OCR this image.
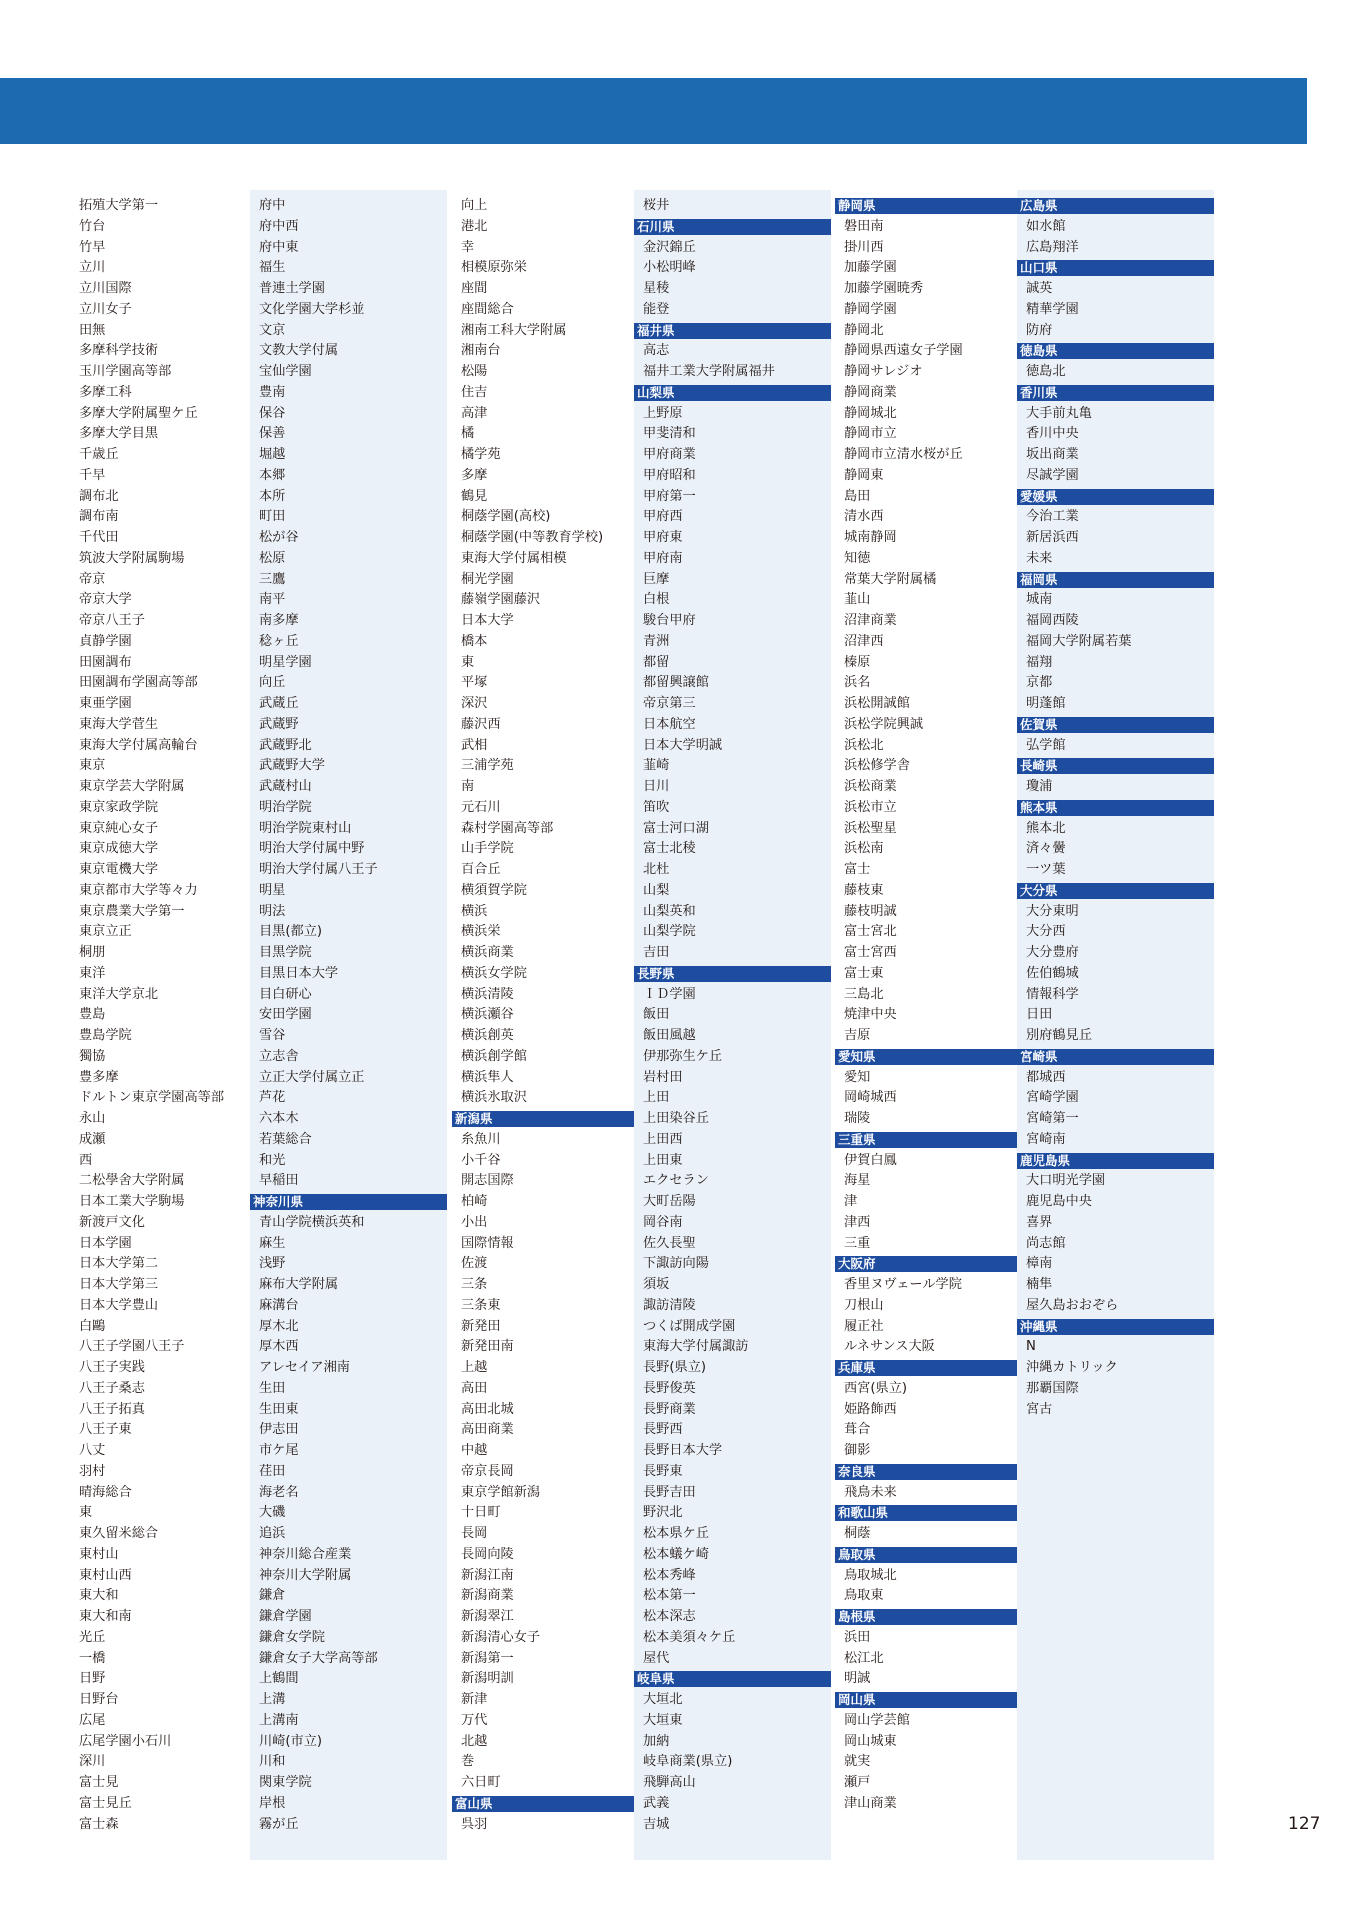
拓殖大学第一
竹台
竹早
立川
立川国際
立川女子
田無
多摩科学技術
玉川学園高等部
多摩工科
多摩大学附属聖ケ丘
多摩大学目黒
千歳丘
千早
調布北
調布南
千代田
筑波大学附属駒場
帝京
帝京大学
帝京八王子
貞静学園
田園調布
田園調布学園高等部
東亜学園
東海大学菅生
東海大学付属高輪台
東京
東京学芸大学附属
東京家政学院
東京純心女子
東京成徳大学
東京電機大学
東京都市大学等々力
東京農業大学第一
東京立正
桐朋
東洋
東洋大学京北
豊島
豊島学院
獨協
豊多摩
ドルトン東京学園高等部
永山
成瀬
西
二松學舍大学附属
日本工業大学駒場
新渡戸文化
日本学園
日本大学第二
日本大学第三
日本大学豊山
白鷗
八王子学園八王子
八王子実践
八王子桑志
八王子拓真
八王子東
八丈
羽村
晴海総合
東
東久留米総合
東村山
東村山西
東大和
東大和南
光丘
一橋
日野
日野台
広尾
広尾学園小石川
深川
富士見
富士見丘
富士森
府中
府中西
府中東
福生
普連土学園
文化学園大学杉並
文京
文教大学付属
宝仙学園
豊南
保谷
保善
堀越
本郷
本所
町田
松が谷
松原
三鷹
南平
南多摩
稔ヶ丘
明星学園
向丘
武蔵丘
武蔵野
武蔵野北
武蔵野大学
武蔵村山
明治学院
明治学院東村山
明治大学付属中野
明治大学付属八王子
明星
明法
目黒(都立)
目黒学院
目黒日本大学
目白研心
安田学園
雪谷
立志舎
立正大学付属立正
芦花
六本木
若葉総合
和光
早稲田
神奈川県
青山学院横浜英和
麻生
浅野
麻布大学附属
麻溝台
厚木北
厚木西
アレセイア湘南
生田
生田東
伊志田
市ケ尾
荏田
海老名
大磯
追浜
神奈川総合産業
神奈川大学附属
鎌倉
鎌倉学園
鎌倉女学院
鎌倉女子大学高等部
上鶴間
上溝
上溝南
川崎(市立)
川和
関東学院
岸根
霧が丘
向上
港北
幸
相模原弥栄
座間
座間総合
湘南工科大学附属
湘南台
松陽
住吉
高津
橘
橘学苑
多摩
鶴見
桐蔭学園(高校)
桐蔭学園(中等教育学校)
東海大学付属相模
桐光学園
藤嶺学園藤沢
日本大学
橋本
東
平塚
深沢
藤沢西
武相
三浦学苑
南
元石川
森村学園高等部
山手学院
百合丘
横須賀学院
横浜
横浜栄
横浜商業
横浜女学院
横浜清陵
横浜瀬谷
横浜創英
横浜創学館
横浜隼人
横浜氷取沢
新潟県
糸魚川
小千谷
開志国際
柏崎
小出
国際情報
佐渡
三条
三条東
新発田
新発田南
上越
高田
高田北城
高田商業
中越
帝京長岡
東京学館新潟
十日町
長岡
長岡向陵
新潟江南
新潟商業
新潟翠江
新潟清心女子
新潟第一
新潟明訓
新津
万代
北越
巻
六日町
富山県
呉羽
桜井
石川県
金沢錦丘
小松明峰
星稜
能登
福井県
高志
福井工業大学附属福井
山梨県
上野原
甲斐清和
甲府商業
甲府昭和
甲府第一
甲府西
甲府東
甲府南
巨摩
白根
駿台甲府
青洲
都留
都留興譲館
帝京第三
日本航空
日本大学明誠
韮崎
日川
笛吹
富士河口湖
富士北稜
北杜
山梨
山梨英和
山梨学院
吉田
長野県
ＩＤ学園
飯田
飯田風越
伊那弥生ケ丘
岩村田
上田
上田染谷丘
上田西
上田東
エクセラン
大町岳陽
岡谷南
佐久長聖
下諏訪向陽
須坂
諏訪清陵
つくば開成学園
東海大学付属諏訪
長野(県立)
長野俊英
長野商業
長野西
長野日本大学
長野東
長野吉田
野沢北
松本県ケ丘
松本蟻ケ崎
松本秀峰
松本第一
松本深志
松本美須々ケ丘
屋代
岐阜県
大垣北
大垣東
加納
岐阜商業(県立)
飛騨高山
武義
吉城
静岡県
磐田南
掛川西
加藤学園
加藤学園暁秀
静岡学園
静岡北
静岡県西遠女子学園
静岡サレジオ
静岡商業
静岡城北
静岡市立
静岡市立清水桜が丘
静岡東
島田
清水西
城南静岡
知徳
常葉大学附属橘
韮山
沼津商業
沼津西
榛原
浜名
浜松開誠館
浜松学院興誠
浜松北
浜松修学舎
浜松商業
浜松市立
浜松聖星
浜松南
富士
藤枝東
藤枝明誠
富士宮北
富士宮西
富士東
三島北
焼津中央
吉原
愛知県
愛知
岡崎城西
瑞陵
三重県
伊賀白鳳
海星
津
津西
三重
大阪府
香里ヌヴェール学院
刀根山
履正社
ルネサンス大阪
兵庫県
西宮(県立)
姫路飾西
葺合
御影
奈良県
飛鳥未来
和歌山県
桐蔭
鳥取県
鳥取城北
鳥取東
島根県
浜田
松江北
明誠
岡山県
岡山学芸館
岡山城東
就実
瀬戸
津山商業
広島県
如水館
広島翔洋
山口県
誠英
精華学園
防府
徳島県
徳島北
香川県
大手前丸亀
香川中央
坂出商業
尽誠学園
愛媛県
今治工業
新居浜西
未来
福岡県
城南
福岡西陵
福岡大学附属若葉
福翔
京都
明蓬館
佐賀県
弘学館
長崎県
瓊浦
熊本県
熊本北
済々黌
一ツ葉
大分県
大分東明
大分西
大分豊府
佐伯鶴城
情報科学
日田
別府鶴見丘
宮崎県
都城西
宮崎学園
宮崎第一
宮崎南
鹿児島県
大口明光学園
鹿児島中央
喜界
尚志館
樟南
楠隼
屋久島おおぞら
沖縄県
N
沖縄カトリック
那覇国際
宮古
127
